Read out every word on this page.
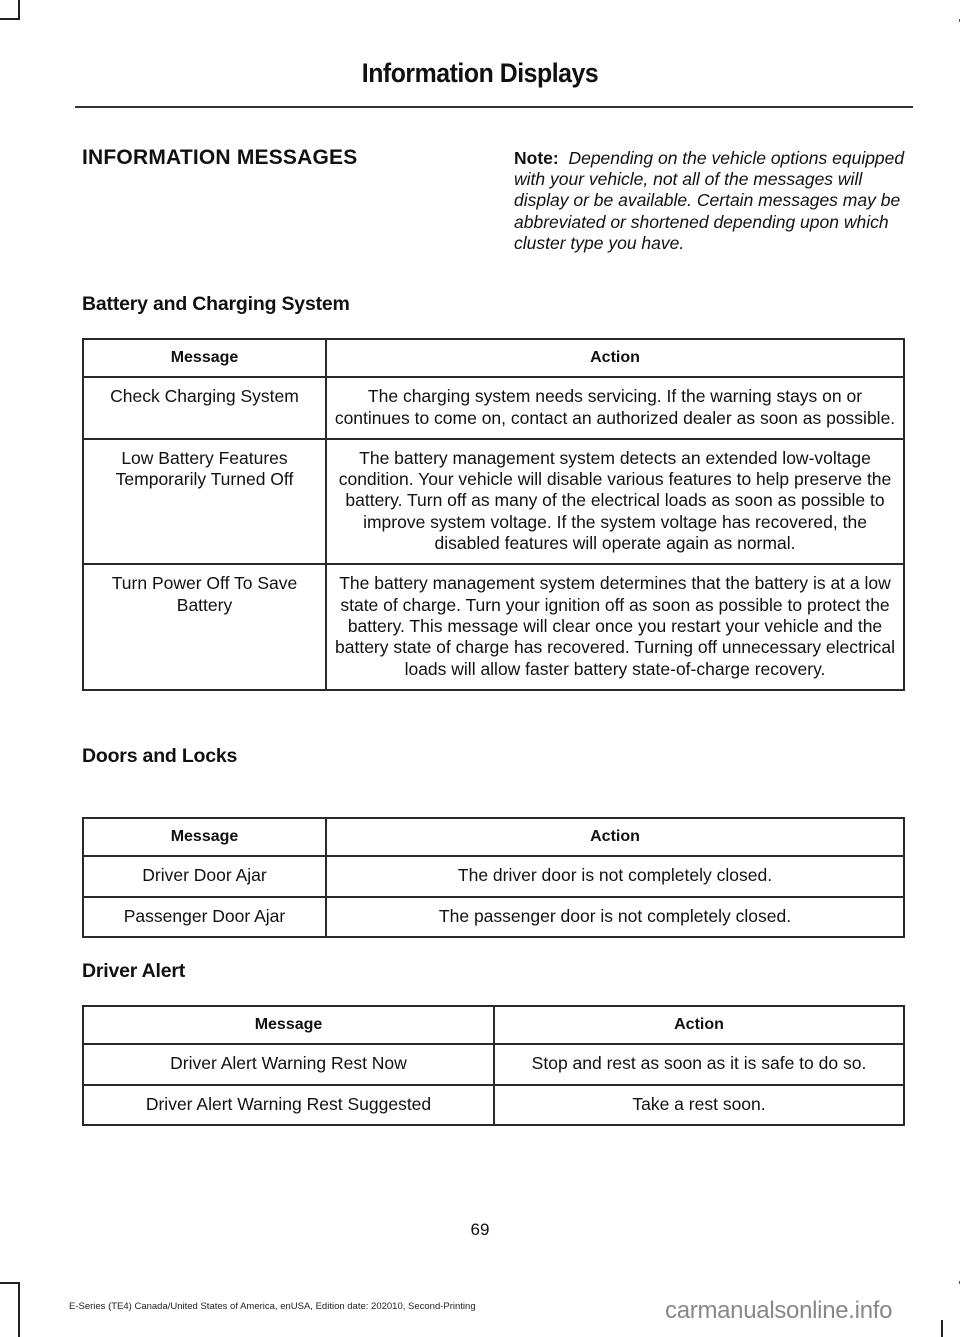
Information Displays
INFORMATION MESSAGES	Note: Depending on the vehicle options equipped with your vehicle, not all of the messages will display or be available. Certain messages may be abbreviated or shortened depending upon which cluster type you have.

Battery and Charging System
Message	Action
Check Charging System	The charging system needs servicing. If the warning stays on or continues to come on, contact an authorized dealer as soon as possible.
Low Battery Features Temporarily Turned Off	The battery management system detects an extended low-voltage condition. Your vehicle will disable various features to help preserve the battery. Turn off as many of the electrical loads as soon as possible to improve system voltage. If the system voltage has recovered, the disabled features will operate again as normal.
Turn Power Off To Save Battery	The battery management system determines that the battery is at a low state of charge. Turn your ignition off as soon as possible to protect the battery. This message will clear once you restart your vehicle and the battery state of charge has recovered. Turning off unnecessary electrical loads will allow faster battery state-of-charge recovery.
Doors and Locks
Message	Action
Driver Door Ajar	The driver door is not completely closed.
Passenger Door Ajar	The passenger door is not completely closed.
Driver Alert
Message	Action
Driver Alert Warning Rest Now	Stop and rest as soon as it is safe to do so.
Driver Alert Warning Rest Suggested	Take a rest soon.
69
E-Series (TE4) Canada/United States of America, enUSA, Edition date: 202010, Second-Printing	carmanualsonline.info
